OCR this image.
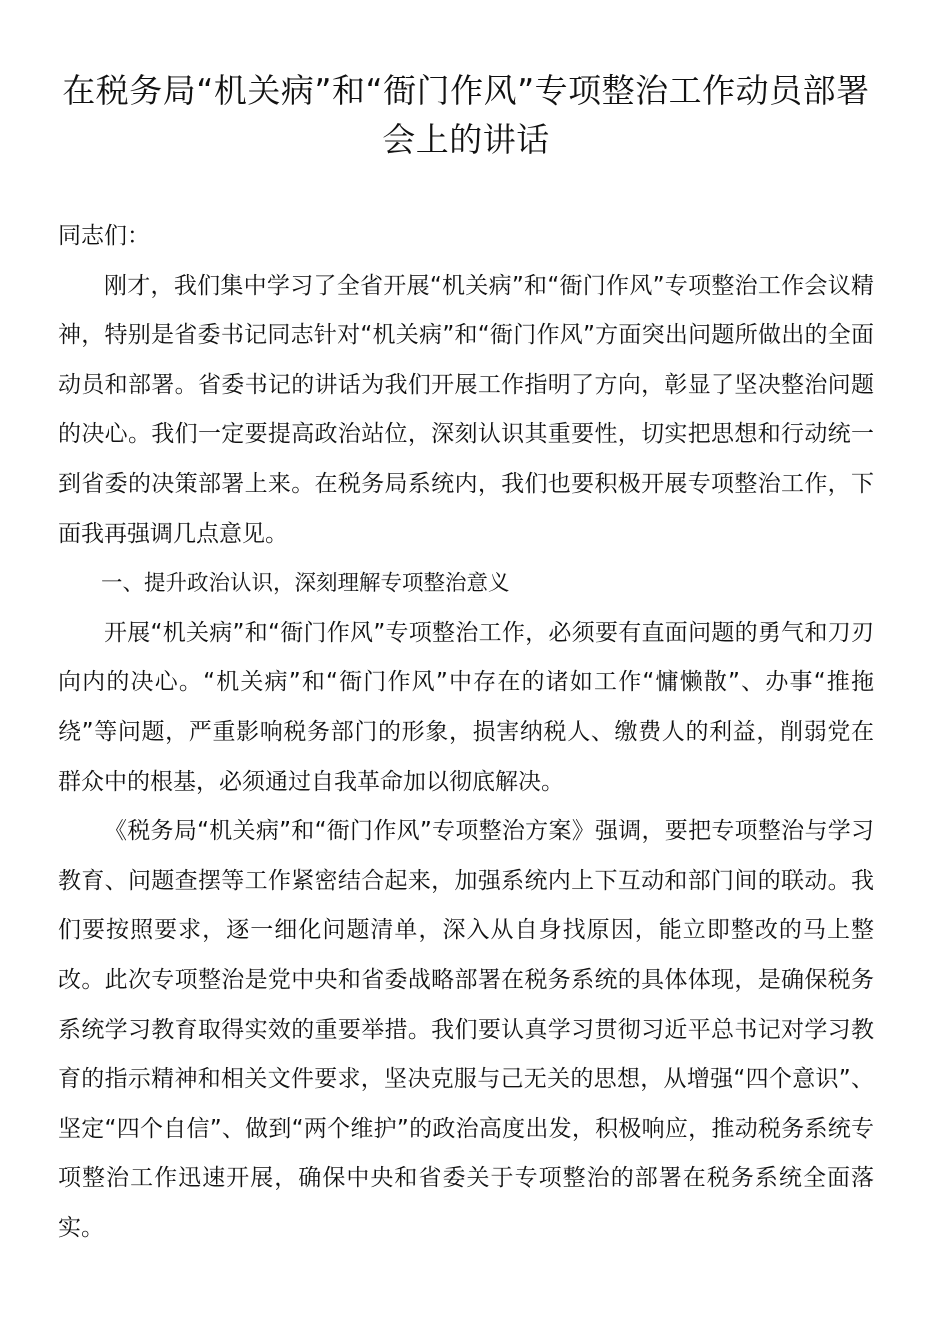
在税务局“机关病”和“衙门作风”专项整治工作动员部署会上的讲话

同志们：

刚才，我们集中学习了全省开展“机关病”和“衙门作风”专项整治工作会议精神，特别是省委书记同志针对“机关病”和“衙门作风”方面突出问题所做出的全面动员和部署。省委书记的讲话为我们开展工作指明了方向，彰显了坚决整治问题的决心。我们一定要提高政治站位，深刻认识其重要性，切实把思想和行动统一到省委的决策部署上来。在税务局系统内，我们也要积极开展专项整治工作，下面我再强调几点意见。

一、提升政治认识，深刻理解专项整治意义

开展“机关病”和“衙门作风”专项整治工作，必须要有直面问题的勇气和刀刃向内的决心。“机关病”和“衙门作风”中存在的诸如工作“慵懒散”、办事“推拖绕”等问题，严重影响税务部门的形象，损害纳税人、缴费人的利益，削弱党在群众中的根基，必须通过自我革命加以彻底解决。

《税务局“机关病”和“衙门作风”专项整治方案》强调，要把专项整治与学习教育、问题查摆等工作紧密结合起来，加强系统内上下互动和部门间的联动。我们要按照要求，逐一细化问题清单，深入从自身找原因，能立即整改的马上整改。此次专项整治是党中央和省委战略部署在税务系统的具体体现，是确保税务系统学习教育取得实效的重要举措。我们要认真学习贯彻习近平总书记对学习教育的指示精神和相关文件要求，坚决克服与己无关的思想，从增强“四个意识”、坚定“四个自信”、做到“两个维护”的政治高度出发，积极响应，推动税务系统专项整治工作迅速开展，确保中央和省委关于专项整治的部署在税务系统全面落实。
